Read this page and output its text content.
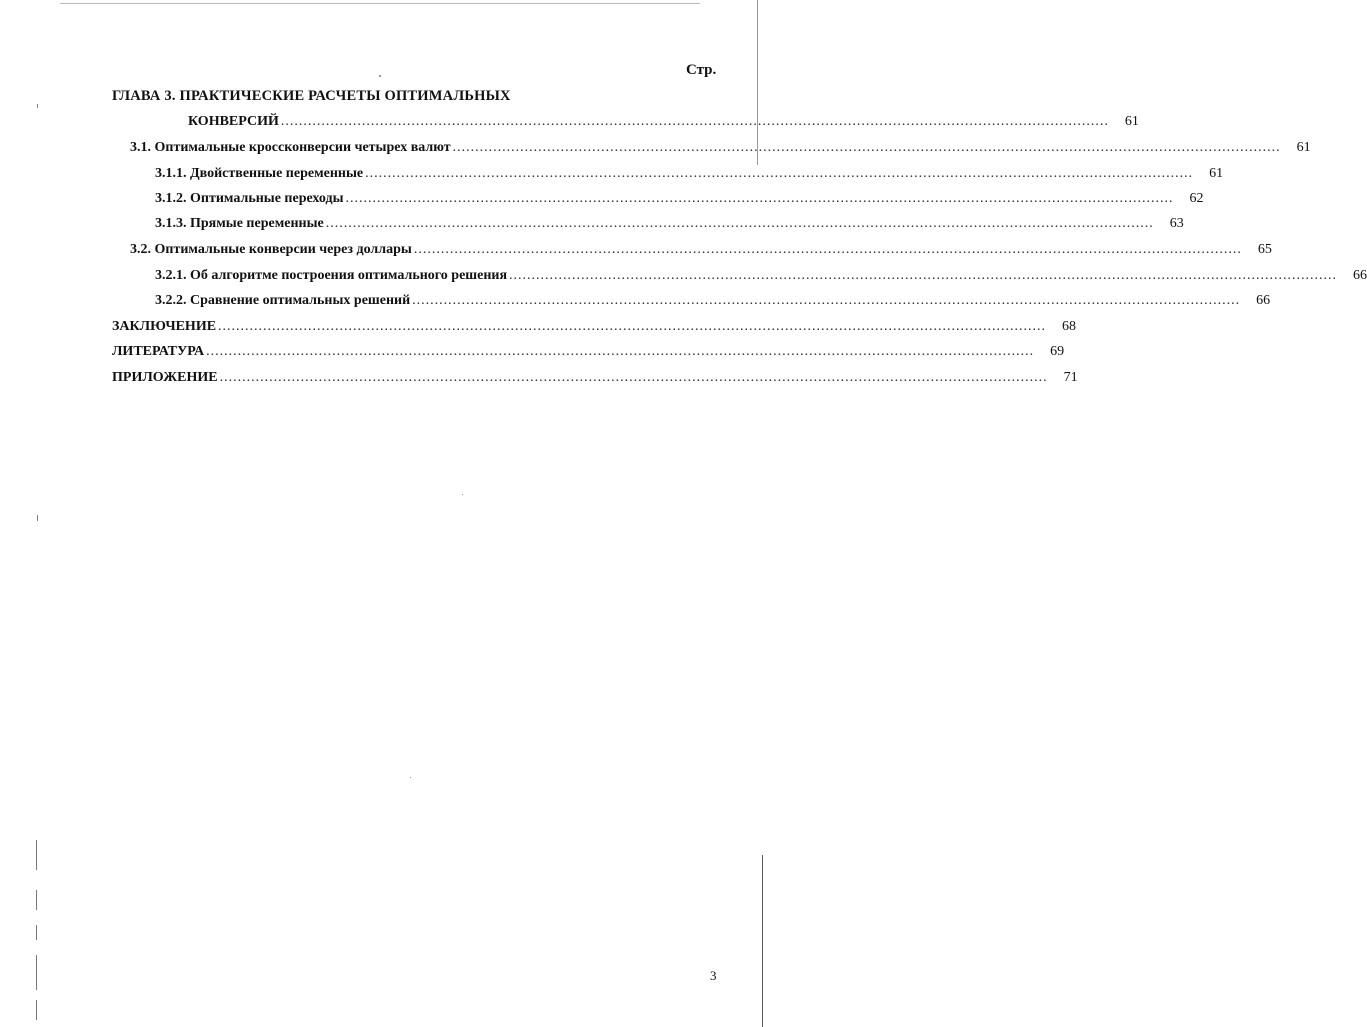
Стр.
ГЛАВА 3. ПРАКТИЧЕСКИЕ РАСЧЕТЫ ОПТИМАЛЬНЫХ
КОНВЕРСИЙ ........................................................................................................................................................................................	61
3.1. Оптимальные кроссконверсии четырех валют ........................................................................................................................................................................................	61
3.1.1. Двойственные переменные ........................................................................................................................................................................................	61
3.1.2. Оптимальные переходы ........................................................................................................................................................................................	62
3.1.3. Прямые переменные ........................................................................................................................................................................................	63
3.2. Оптимальные конверсии через доллары ........................................................................................................................................................................................	65
3.2.1. Об алгоритме построения оптимального решения ........................................................................................................................................................................................	66
3.2.2. Сравнение оптимальных решений ........................................................................................................................................................................................	66
ЗАКЛЮЧЕНИЕ ........................................................................................................................................................................................	68
ЛИТЕРАТУРА ........................................................................................................................................................................................	69
ПРИЛОЖЕНИЕ ........................................................................................................................................................................................	71
3
